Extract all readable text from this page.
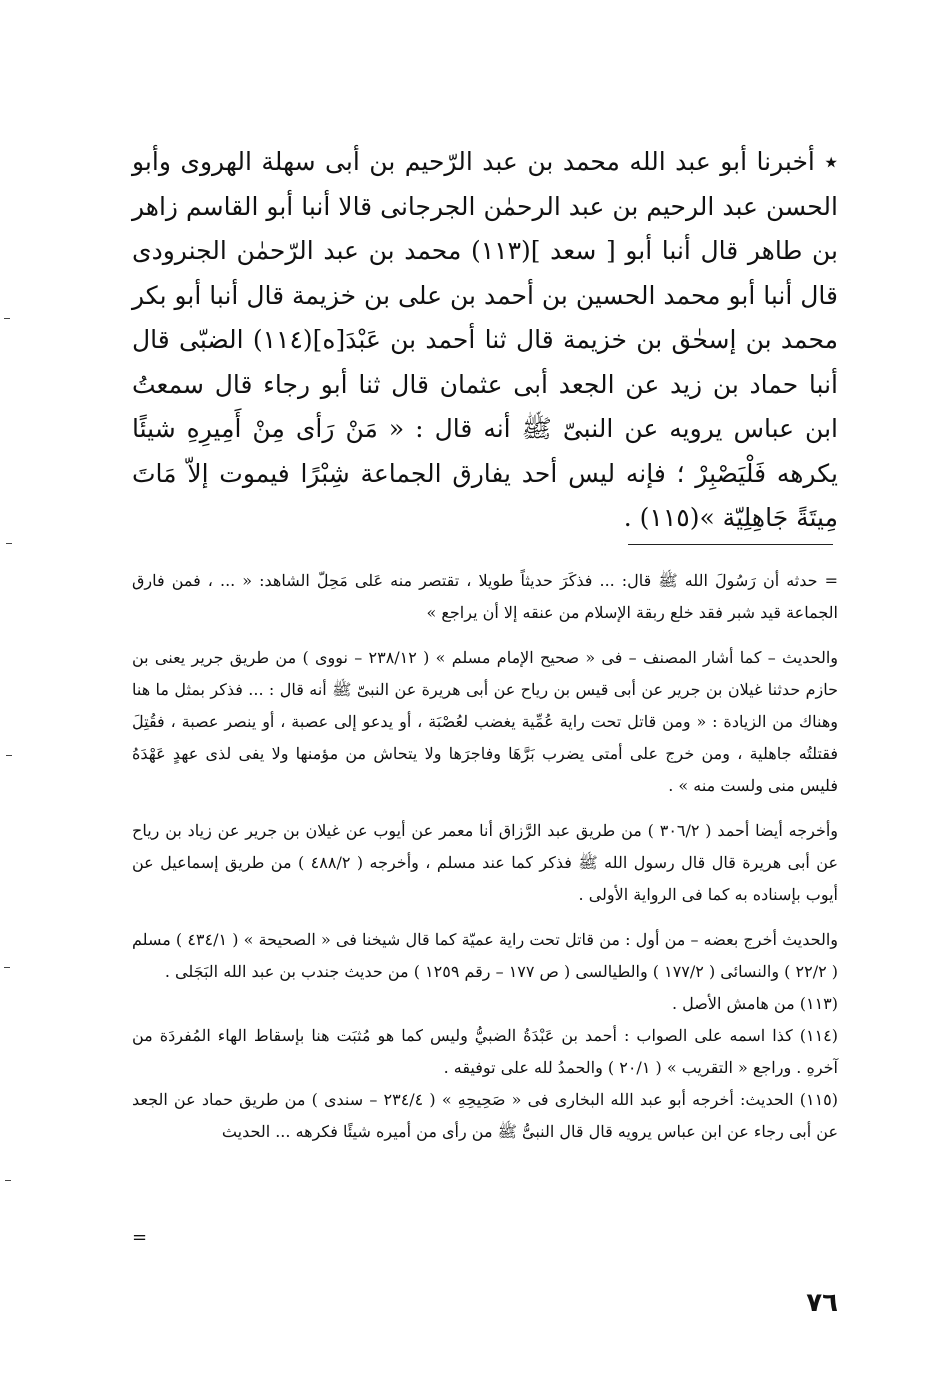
٭ أخبرنا أبو عبد الله محمد بن عبد الرّحيم بن أبى سهلة الهروى وأبو الحسن عبد الرحيم بن عبد الرحمٰن الجرجانى قالا أنبا أبو القاسم زاهر بن طاهر قال أنبا أبو [ سعد ](١١٣) محمد بن عبد الرّحمٰن الجنرودى قال أنبا أبو محمد الحسين بن أحمد بن على بن خزيمة قال أنبا أبو بكر محمد بن إسحٰق بن خزيمة قال ثنا أحمد بن عَبْدَ[ه](١١٤) الضبّى قال أنبا حماد بن زيد عن الجعد أبى عثمان قال ثنا أبو رجاء قال سمعتُ ابن عباس يرويه عن النبىّ ﷺ أنه قال : « مَنْ رَأى مِنْ أَمِيرِهِ شيئًا يكرهه فَلْيَصْبِرْ ؛ فإنه ليس أحد يفارق الجماعة شِبْرًا فيموت إلاّ مَاتَ مِيتَةً جَاهِلِيّة »(١١٥) .

= حدثه أن رَسُولَ الله ﷺ قال: ... فذكَرَ حديثاً طويلا ، تقتصر منه عَلى مَحِلّ الشاهد: « ... ، فمن فارق الجماعة قيد شبر فقد خلع ربقة الإسلام من عنقه إلا أن يراجع »

والحديث – كما أشار المصنف – فى « صحيح الإمام مسلم » ( ٢٣٨/١٢ – نووى ) من طريق جرير يعنى بن حازم حدثنا غيلان بن جرير عن أبى قيس بن رياح عن أبى هريرة عن النبىّ ﷺ أنه قال : ... فذكر بمثل ما هنا وهناك من الزيادة : « ومن قاتل تحت راية عُمِّية يغضب لعُصْبَة ، أو يدعو إلى عصبة ، أو ينصر عصبة ، فقُتِلَ فقتلتُه جاهلية ، ومن خرج على أمتى يضرب بَرَّهَا وفاجرَها ولا يتحاش من مؤمنها ولا يفى لذى عهدٍ عَهْدَهُ فليس منى ولست منه » .

وأخرجه أيضا أحمد ( ٣٠٦/٢ ) من طريق عبد الرَّزاق أنا معمر عن أيوب عن غيلان بن جرير عن زياد بن رياح عن أبى هريرة قال قال رسول الله ﷺ فذكر كما عند مسلم ، وأخرجه ( ٤٨٨/٢ ) من طريق إسماعيل عن أيوب بإسناده به كما فى الرواية الأولى .

والحديث أخرج بعضه – من أول : من قاتل تحت راية عميّة كما قال شيخنا فى « الصحيحة » ( ٤٣٤/١ ) مسلم ( ٢٢/٢ ) والنسائى ( ١٧٧/٢ ) والطيالسى ( ص ١٧٧ – رقم ١٢٥٩ ) من حديث جندب بن عبد الله البَجَلى .

(١١٣) من هامش الأصل .

(١١٤) كذا اسمه على الصواب : أحمد بن عَبْدَةُ الضبيُّ وليس كما هو مُثبَت هنا بإسقاط الهاء المُفردَة من آخرهِ . وراجع « التقريب » ( ٢٠/١ ) والحمدُ لله على توفيقه .

(١١٥) الحديث: أخرجه أبو عبد الله البخارى فى « صَحِيحِهِ » ( ٢٣٤/٤ – سندى ) من طريق حماد عن الجعد عن أبى رجاء عن ابن عباس يرويه قال قال النبىُّ ﷺ من رأى من أميره شيئًا فكرهه ... الحديث

=
٧٦
